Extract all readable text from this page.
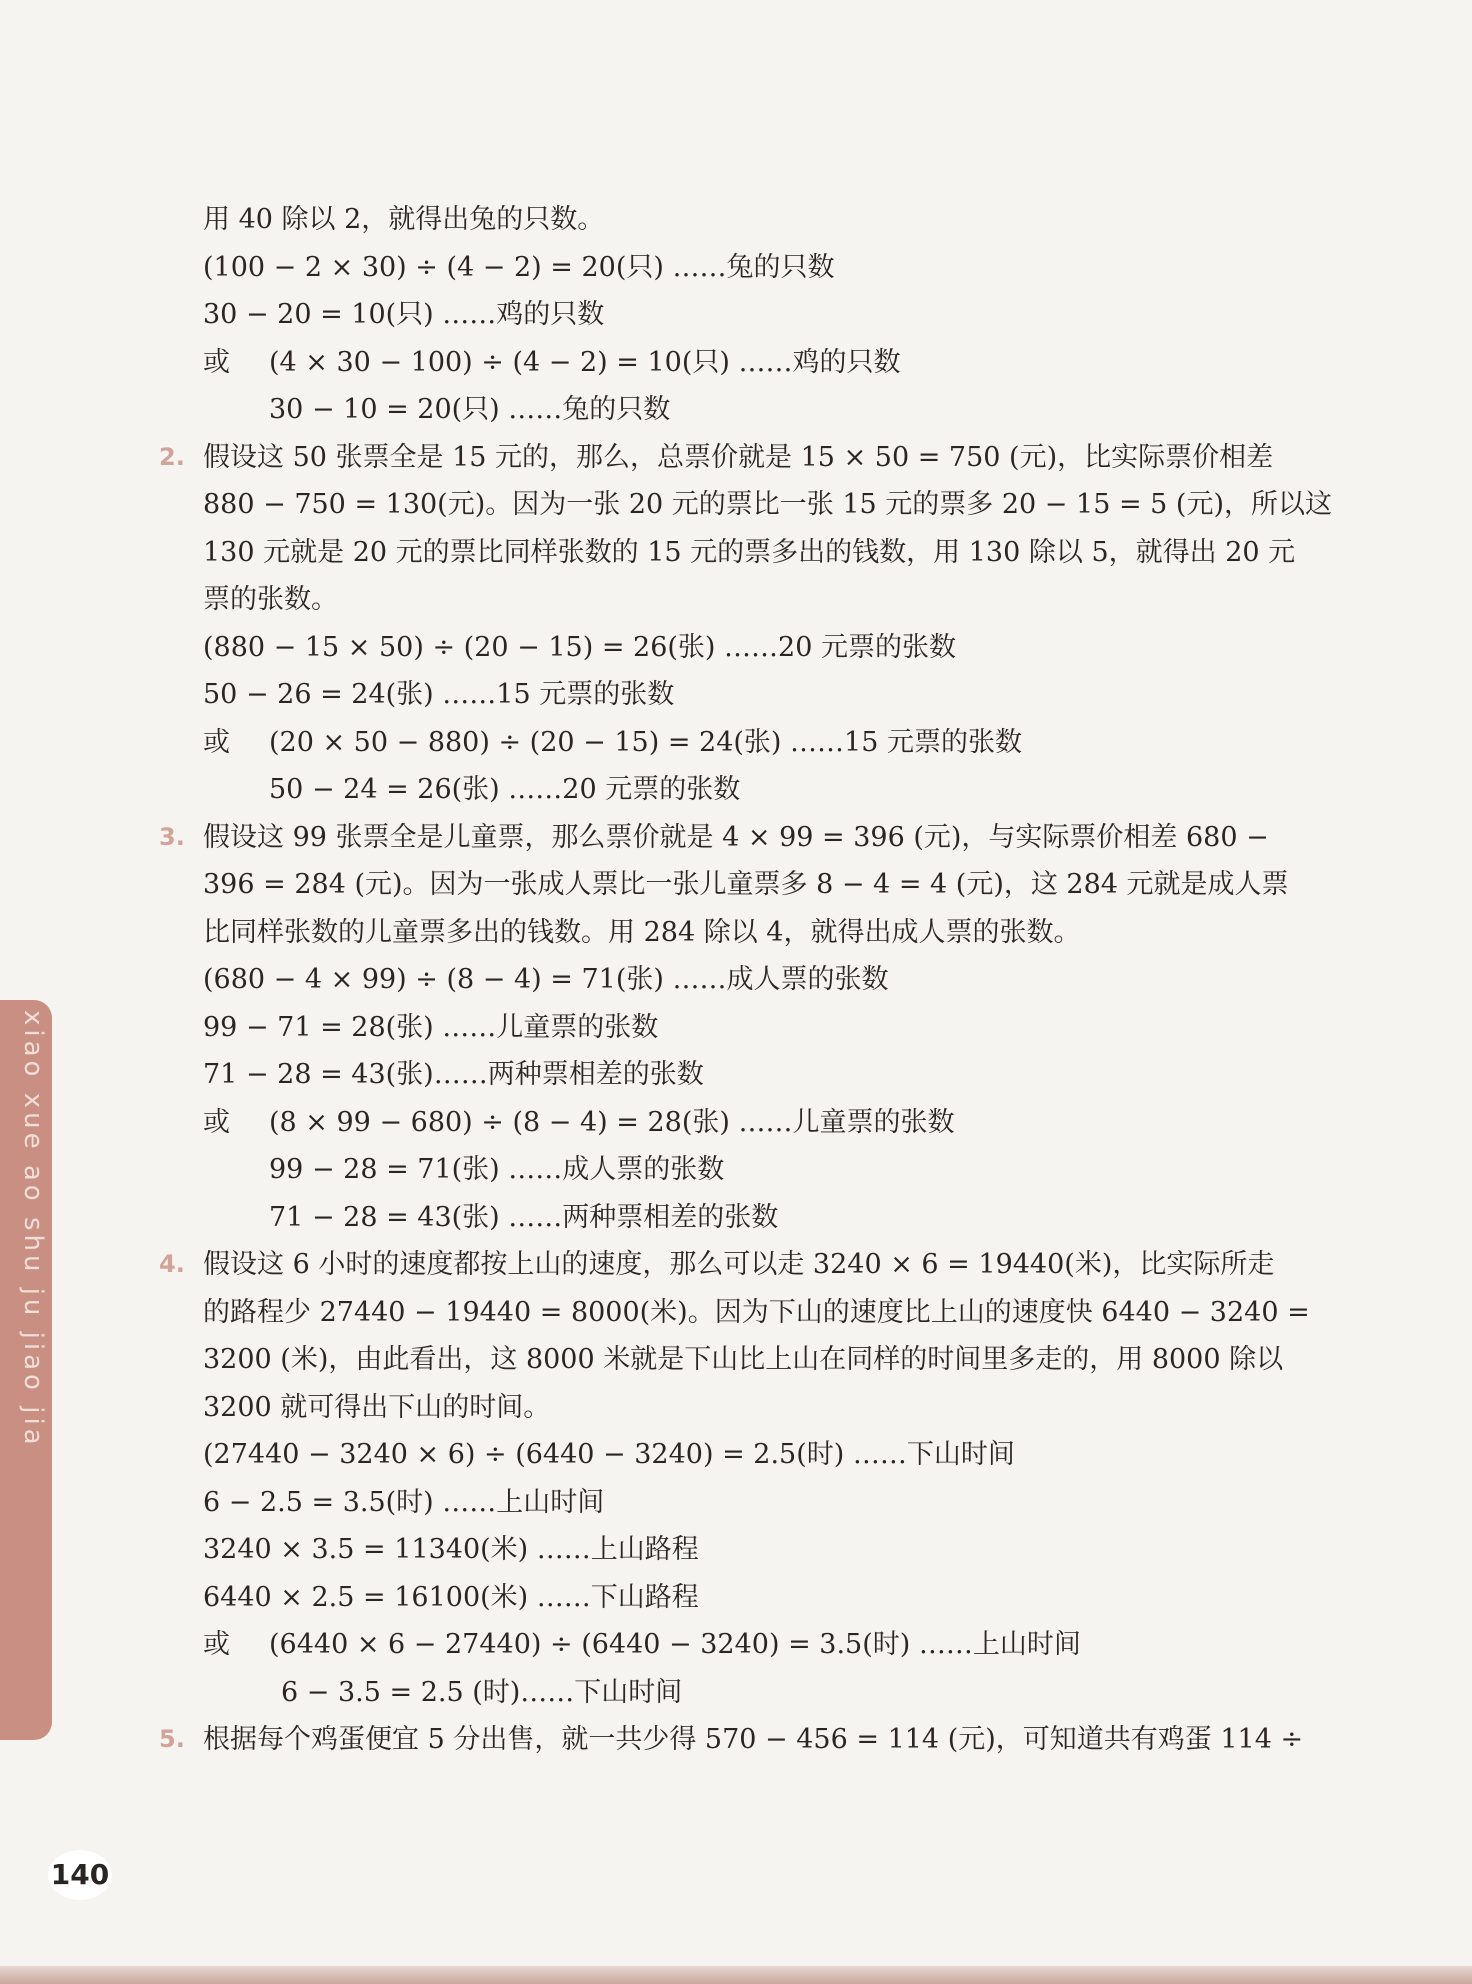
xiao xue ao shu ju jiao jia
用 40 除以 2，就得出兔的只数。
(100 − 2 × 30) ÷ (4 − 2) = 20(只) ……兔的只数
30 − 20 = 10(只) ……鸡的只数
或 (4 × 30 − 100) ÷ (4 − 2) = 10(只) ……鸡的只数
30 − 10 = 20(只) ……兔的只数
2. 假设这 50 张票全是 15 元的，那么，总票价就是 15 × 50 = 750 (元)，比实际票价相差
880 − 750 = 130(元)。因为一张 20 元的票比一张 15 元的票多 20 − 15 = 5 (元)，所以这
130 元就是 20 元的票比同样张数的 15 元的票多出的钱数，用 130 除以 5，就得出 20 元
票的张数。
(880 − 15 × 50) ÷ (20 − 15) = 26(张) ……20 元票的张数
50 − 26 = 24(张) ……15 元票的张数
或 (20 × 50 − 880) ÷ (20 − 15) = 24(张) ……15 元票的张数
50 − 24 = 26(张) ……20 元票的张数
3. 假设这 99 张票全是儿童票，那么票价就是 4 × 99 = 396 (元)，与实际票价相差 680 −
396 = 284 (元)。因为一张成人票比一张儿童票多 8 − 4 = 4 (元)，这 284 元就是成人票
比同样张数的儿童票多出的钱数。用 284 除以 4，就得出成人票的张数。
(680 − 4 × 99) ÷ (8 − 4) = 71(张) ……成人票的张数
99 − 71 = 28(张) ……儿童票的张数
71 − 28 = 43(张)……两种票相差的张数
或 (8 × 99 − 680) ÷ (8 − 4) = 28(张) ……儿童票的张数
99 − 28 = 71(张) ……成人票的张数
71 − 28 = 43(张) ……两种票相差的张数
4. 假设这 6 小时的速度都按上山的速度，那么可以走 3240 × 6 = 19440(米)，比实际所走
的路程少 27440 − 19440 = 8000(米)。因为下山的速度比上山的速度快 6440 − 3240 =
3200 (米)，由此看出，这 8000 米就是下山比上山在同样的时间里多走的，用 8000 除以
3200 就可得出下山的时间。
(27440 − 3240 × 6) ÷ (6440 − 3240) = 2.5(时) ……下山时间
6 − 2.5 = 3.5(时) ……上山时间
3240 × 3.5 = 11340(米) ……上山路程
6440 × 2.5 = 16100(米) ……下山路程
或 (6440 × 6 − 27440) ÷ (6440 − 3240) = 3.5(时) ……上山时间
6 − 3.5 = 2.5 (时)……下山时间
5. 根据每个鸡蛋便宜 5 分出售，就一共少得 570 − 456 = 114 (元)，可知道共有鸡蛋 114 ÷
140
